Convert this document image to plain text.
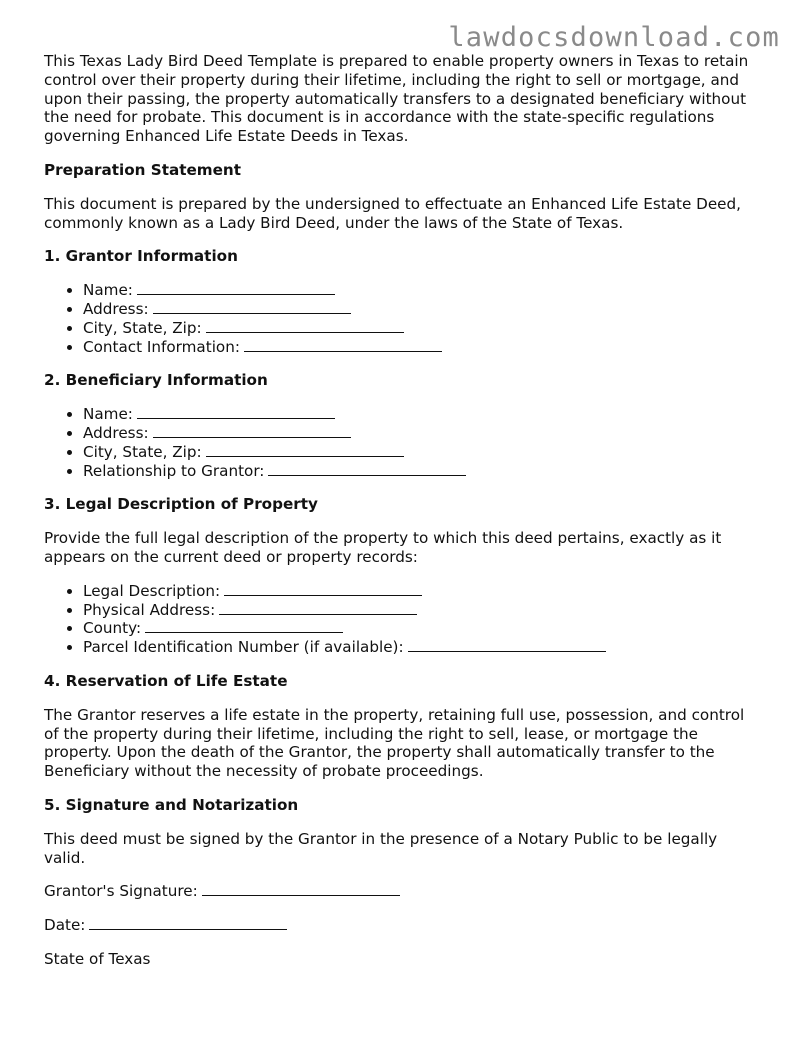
lawdocsdownload.com

This Texas Lady Bird Deed Template is prepared to enable property owners in Texas to retain control over their property during their lifetime, including the right to sell or mortgage, and upon their passing, the property automatically transfers to a designated beneficiary without the need for probate. This document is in accordance with the state-specific regulations governing Enhanced Life Estate Deeds in Texas.

Preparation Statement

This document is prepared by the undersigned to effectuate an Enhanced Life Estate Deed, commonly known as a Lady Bird Deed, under the laws of the State of Texas.

1. Grantor Information
• Name:
• Address:
• City, State, Zip:
• Contact Information:
2. Beneficiary Information
• Name:
• Address:
• City, State, Zip:
• Relationship to Grantor:
3. Legal Description of Property

Provide the full legal description of the property to which this deed pertains, exactly as it appears on the current deed or property records:

• Legal Description:
• Physical Address:
• County:
• Parcel Identification Number (if available):
4. Reservation of Life Estate

The Grantor reserves a life estate in the property, retaining full use, possession, and control of the property during their lifetime, including the right to sell, lease, or mortgage the property. Upon the death of the Grantor, the property shall automatically transfer to the Beneficiary without the necessity of probate proceedings.

5. Signature and Notarization

This deed must be signed by the Grantor in the presence of a Notary Public to be legally valid.

Grantor's Signature:

Date:

State of Texas
